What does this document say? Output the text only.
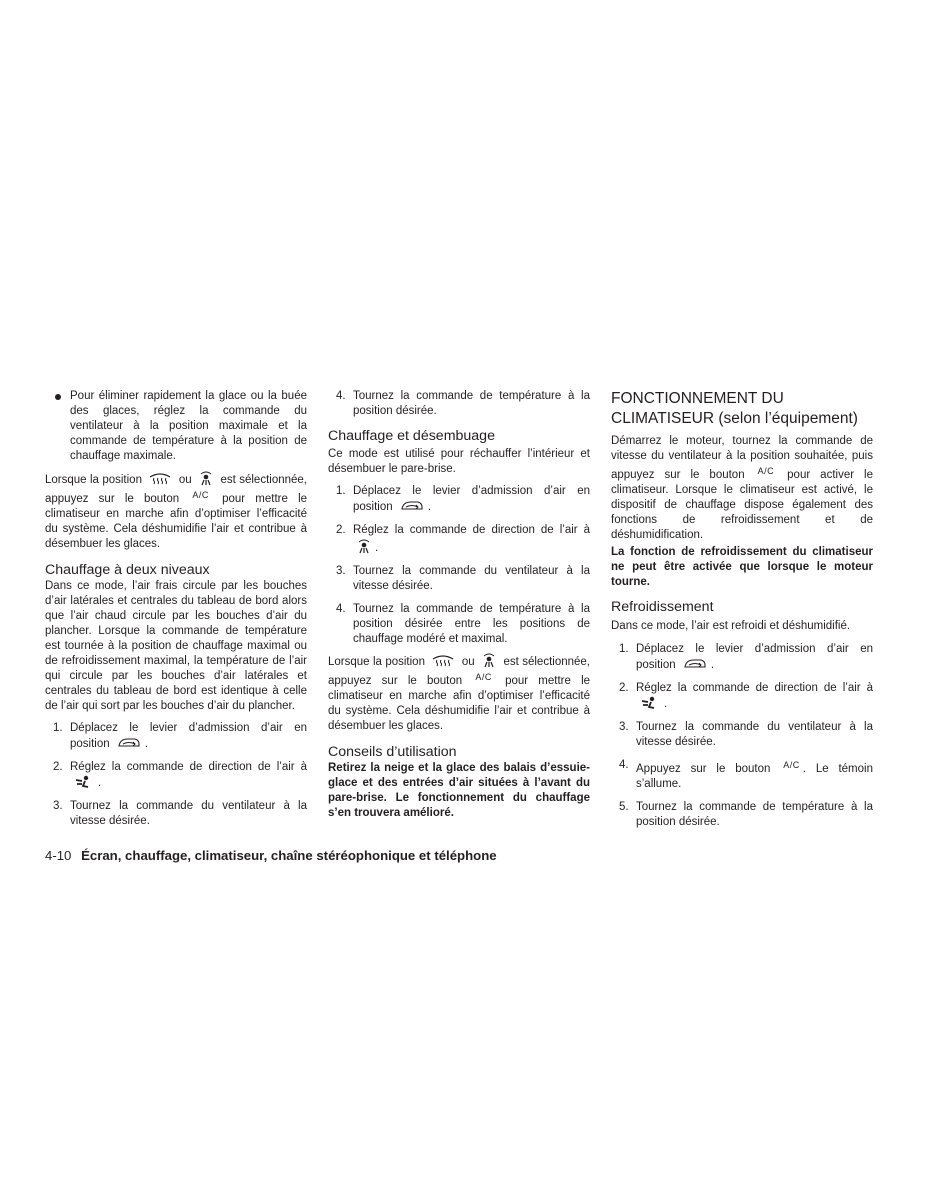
Pour éliminer rapidement la glace ou la buée des glaces, réglez la commande du ventilateur à la position maximale et la commande de température à la position de chauffage maximale.

Lorsque la position	ou	est sélectionnée, appuyez sur le bouton $^{A/C}$ pour mettre le climatiseur en marche afin d’optimiser l’efficacité du système. Cela déshumidifie l’air et contribue à désembuer les glaces.

Chauffage à deux niveaux

Dans ce mode, l’air frais circule par les bouches d’air latérales et centrales du tableau de bord alors que l’air chaud circule par les bouches d’air du plancher. Lorsque la commande de température est tournée à la position de chauffage maximal ou de refroidissement maximal, la température de l’air qui circule par les bouches d’air latérales et centrales du tableau de bord est identique à celle de l’air qui sort par les bouches d’air du plancher.

1. Déplacez le levier d’admission d’air en position	.
2. Réglez la commande de direction de l’air à .
3. Tournez la commande du ventilateur à la vitesse désirée.
4. Tournez la commande de température à la position désirée.
Chauffage et désembuage

Ce mode est utilisé pour réchauffer l’intérieur et désembuer le pare-brise.

1. Déplacez le levier d’admission d’air en position	.
2. Réglez la commande de direction de l’air à .
3. Tournez la commande du ventilateur à la vitesse désirée.
4. Tournez la commande de température à la position désirée entre les positions de chauffage modéré et maximal.

Lorsque la position	ou	est sélectionnée, appuyez sur le bouton $^{A/C}$ pour mettre le climatiseur en marche afin d’optimiser l’efficacité du système. Cela déshumidifie l’air et contribue à désembuer les glaces.

Conseils d’utilisation

Retirez la neige et la glace des balais d’essuie-glace et des entrées d’air situées à l’avant du pare-brise. Le fonctionnement du chauffage s’en trouvera amélioré.

FONCTIONNEMENT DU
CLIMATISEUR (selon l’équipement)

Démarrez le moteur, tournez la commande de vitesse du ventilateur à la position souhaitée, puis appuyez sur le bouton $^{A/C}$ pour activer le climatiseur. Lorsque le climatiseur est activé, le dispositif de chauffage dispose également des fonctions de refroidissement et de déshumidification.

La fonction de refroidissement du climatiseur ne peut être activée que lorsque le moteur tourne.

Refroidissement

Dans ce mode, l’air est refroidi et déshumidifié.

1. Déplacez le levier d’admission d’air en position	.
2. Réglez la commande de direction de l’air à .
3. Tournez la commande du ventilateur à la vitesse désirée.
4. Appuyez sur le bouton $^{A/C}$ . Le témoin s’allume.
5. Tournez la commande de température à la position désirée.
4-10 Écran, chauffage, climatiseur, chaîne stéréophonique et téléphone
